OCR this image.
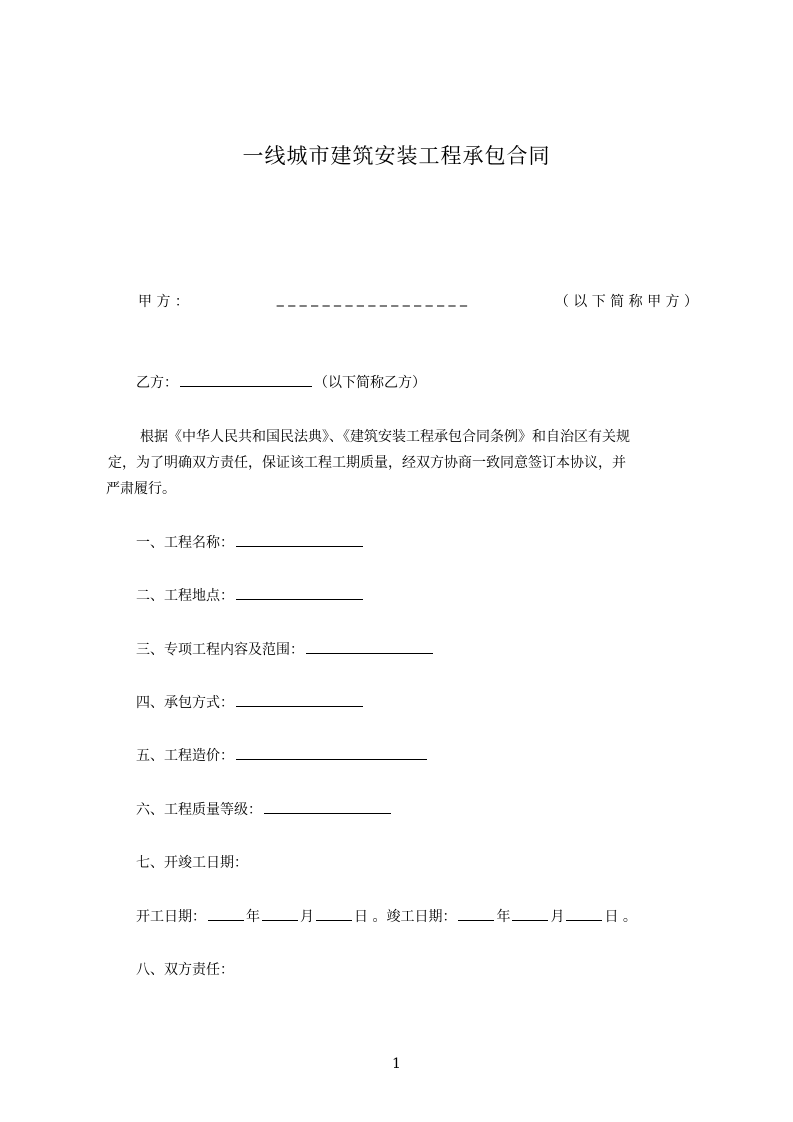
一线城市建筑安装工程承包合同
甲 方 ：	_ _ _ _ _ _ _ _ _ _ _ _ _ _ _ _ _	（ 以 下 简 称 甲 方 ）
乙方：	（以下简称乙方）
根据《中华人民共和国民法典》、《建筑安装工程承包合同条例》和自治区有关规
定，为了明确双方责任，保证该工程工期质量，经双方协商一致同意签订本协议，并
严肃履行。
一、工程名称：
二、工程地点：
三、专项工程内容及范围：
四、承包方式：
五、工程造价：
六、工程质量等级：
七、开竣工日期：
开工日期：	年	月	日 。竣工日期：	年	月	日 。
八、双方责任：
1
